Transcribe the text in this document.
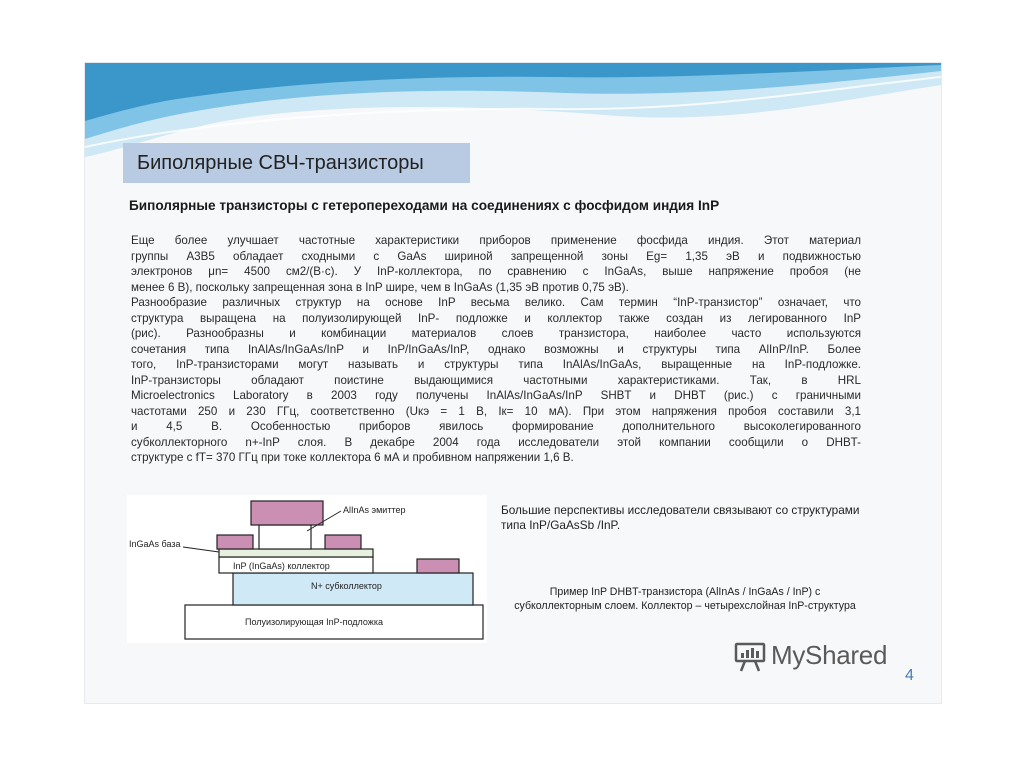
Биполярные СВЧ-транзисторы
Биполярные транзисторы с гетеропереходами на соединениях с фосфидом индия InP
Еще более улучшает частотные характеристики приборов применение фосфида индия. Этот материал
группы A3B5 обладает сходными с GaAs шириной запрещенной зоны Eg= 1,35 эВ и подвижностью
электронов μn= 4500 см2/(В·с). У InP-коллектора, по сравнению с InGaAs, выше напряжение пробоя (не
менее 6 В), поскольку запрещенная зона в InP шире, чем в InGaAs (1,35 эВ против 0,75 эВ).
Разнообразие различных структур на основе InP весьма велико. Сам термин “InP-транзистор” означает, что
структура выращена на полуизолирующей InP- подложке и коллектор также создан из легированного InP
(рис). Разнообразны и комбинации материалов слоев транзистора, наиболее часто используются
сочетания типа InAlAs/InGaAs/InP и InP/InGaAs/InP, однако возможны и структуры типа AlInP/InP. Более
того, InP-транзисторами могут называть и структуры типа InAlAs/InGaAs, выращенные на InP-подложке.
InP-транзисторы обладают поистине выдающимися частотными характеристиками. Так, в HRL
Microelectronics Laboratory в 2003 году получены InAlAs/InGaAs/InP SHBT и DHBT (рис.) с граничными
частотами 250 и 230 ГГц, соответственно (Uкэ = 1 В, Iк= 10 мА). При этом напряжения пробоя составили 3,1
и 4,5 В. Особенностью приборов явилось формирование дополнительного высоколегированного
субколлекторного n+-InP слоя. В декабре 2004 года исследователи этой компании сообщили о DHBT-
структуре с fT= 370 ГГц при токе коллектора 6 мА и пробивном напряжении 1,6 В.
AlInAs эмиттер
InGaAs база
InP (InGaAs) коллектор
N+ субколлектор
Полуизолирующая InP-подложка
Большие перспективы исследователи связывают со структурами типа InP/GaAsSb /InP.
Пример InP DHBT-транзистора (AlInAs / InGaAs / InP) с субколлекторным слоем. Коллектор – четырехслойная InP-структура
MyShared
4
